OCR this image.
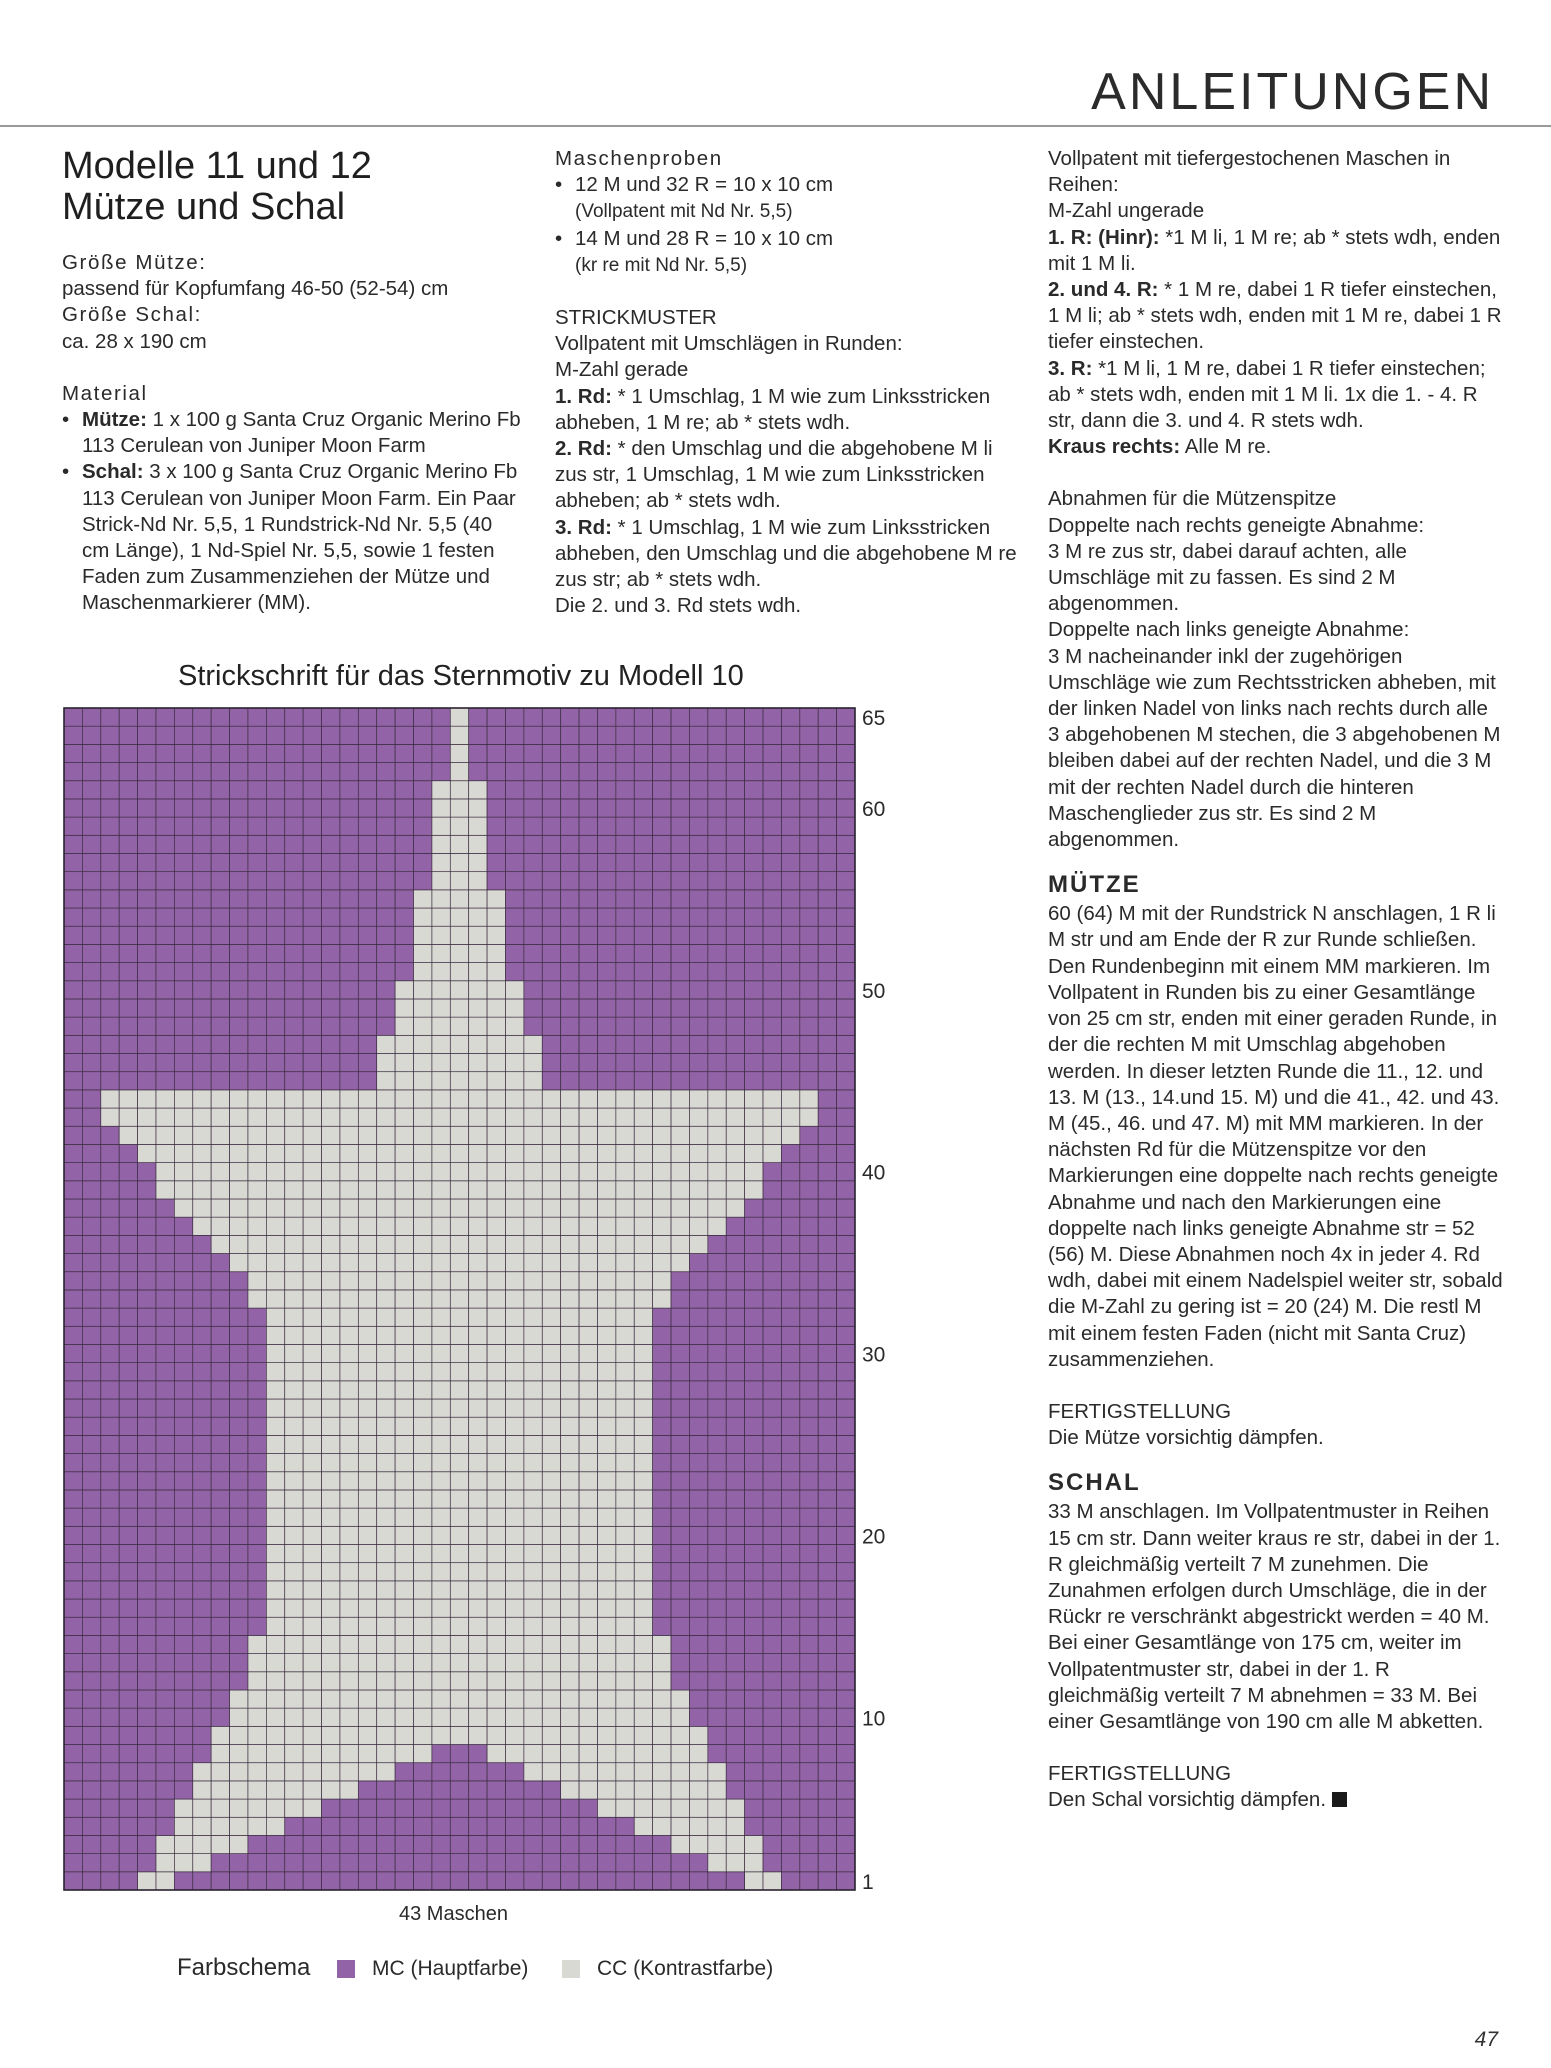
ANLEITUNGEN
Modelle 11 und 12
Mütze und Schal

Größe Mütze:

passend für Kopfumfang 46-50 (52-54) cm

Größe Schal:

ca. 28 x 190 cm

Material

• Mütze: 1 x 100 g Santa Cruz Organic Merino Fb 113 Cerulean von Juniper Moon Farm
• Schal: 3 x 100 g Santa Cruz Organic Merino Fb 113 Cerulean von Juniper Moon Farm. Ein Paar Strick-Nd Nr. 5,5, 1 Rundstrick-Nd Nr. 5,5 (40 cm Länge), 1 Nd-Spiel Nr. 5,5, sowie 1 festen Faden zum Zusammenziehen der Mütze und Maschenmarkierer (MM).

Maschenproben

• 12 M und 32 R = 10 x 10 cm
(Vollpatent mit Nd Nr. 5,5)
• 14 M und 28 R = 10 x 10 cm
(kr re mit Nd Nr. 5,5)

STRICKMUSTER

Vollpatent mit Umschlägen in Runden:

M-Zahl gerade

1. Rd: * 1 Umschlag, 1 M wie zum Linksstricken abheben, 1 M re; ab * stets wdh.

2. Rd: * den Umschlag und die abgehobene M li zus str, 1 Umschlag, 1 M wie zum Linksstricken abheben; ab * stets wdh.

3. Rd: * 1 Umschlag, 1 M wie zum Linksstricken abheben, den Umschlag und die abgehobene M re zus str; ab * stets wdh.

Die 2. und 3. Rd stets wdh.

Vollpatent mit tiefergestochenen Maschen in Reihen:

M-Zahl ungerade

1. R: (Hinr): *1 M li, 1 M re; ab * stets wdh, enden mit 1 M li.

2. und 4. R: * 1 M re, dabei 1 R tiefer einstechen, 1 M li; ab * stets wdh, enden mit 1 M re, dabei 1 R tiefer einstechen.

3. R: *1 M li, 1 M re, dabei 1 R tiefer einstechen; ab * stets wdh, enden mit 1 M li. 1x die 1. - 4. R str, dann die 3. und 4. R stets wdh.

Kraus rechts: Alle M re.

Abnahmen für die Mützenspitze

Doppelte nach rechts geneigte Abnahme:

3 M re zus str, dabei darauf achten, alle Umschläge mit zu fassen. Es sind 2 M abgenommen.

Doppelte nach links geneigte Abnahme:

3 M nacheinander inkl der zugehörigen Umschläge wie zum Rechtsstricken abheben, mit der linken Nadel von links nach rechts durch alle 3 abgehobenen M stechen, die 3 abgehobenen M bleiben dabei auf der rechten Nadel, und die 3 M mit der rechten Nadel durch die hinteren Maschenglieder zus str. Es sind 2 M abgenommen.

MÜTZE

60 (64) M mit der Rundstrick N anschlagen, 1 R li M str und am Ende der R zur Runde schließen. Den Rundenbeginn mit einem MM markieren. Im Vollpatent in Runden bis zu einer Gesamtlänge von 25 cm str, enden mit einer geraden Runde, in der die rechten M mit Umschlag abgehoben werden. In dieser letzten Runde die 11., 12. und 13. M (13., 14.und 15. M) und die 41., 42. und 43. M (45., 46. und 47. M) mit MM markieren. In der nächsten Rd für die Mützenspitze vor den Markierungen eine doppelte nach rechts geneigte Abnahme und nach den Markierungen eine doppelte nach links geneigte Abnahme str = 52 (56) M. Diese Abnahmen noch 4x in jeder 4. Rd wdh, dabei mit einem Nadelspiel weiter str, sobald die M-Zahl zu gering ist = 20 (24) M. Die restl M mit einem festen Faden (nicht mit Santa Cruz) zusammenziehen.

FERTIGSTELLUNG

Die Mütze vorsichtig dämpfen.

SCHAL

33 M anschlagen. Im Vollpatentmuster in Reihen 15 cm str. Dann weiter kraus re str, dabei in der 1. R gleichmäßig verteilt 7 M zunehmen. Die Zunahmen erfolgen durch Umschläge, die in der Rückr re verschränkt abgestrickt werden = 40 M. Bei einer Gesamtlänge von 175 cm, weiter im Vollpatentmuster str, dabei in der 1. R gleichmäßig verteilt 7 M abnehmen = 33 M. Bei einer Gesamtlänge von 190 cm alle M abketten.

FERTIGSTELLUNG

Den Schal vorsichtig dämpfen.

Strickschrift für das Sternmotiv zu Modell 10
1
10
20
30
40
50
60
65
43 Maschen
Farbschema	MC (Hauptfarbe)	CC (Kontrastfarbe)
47
